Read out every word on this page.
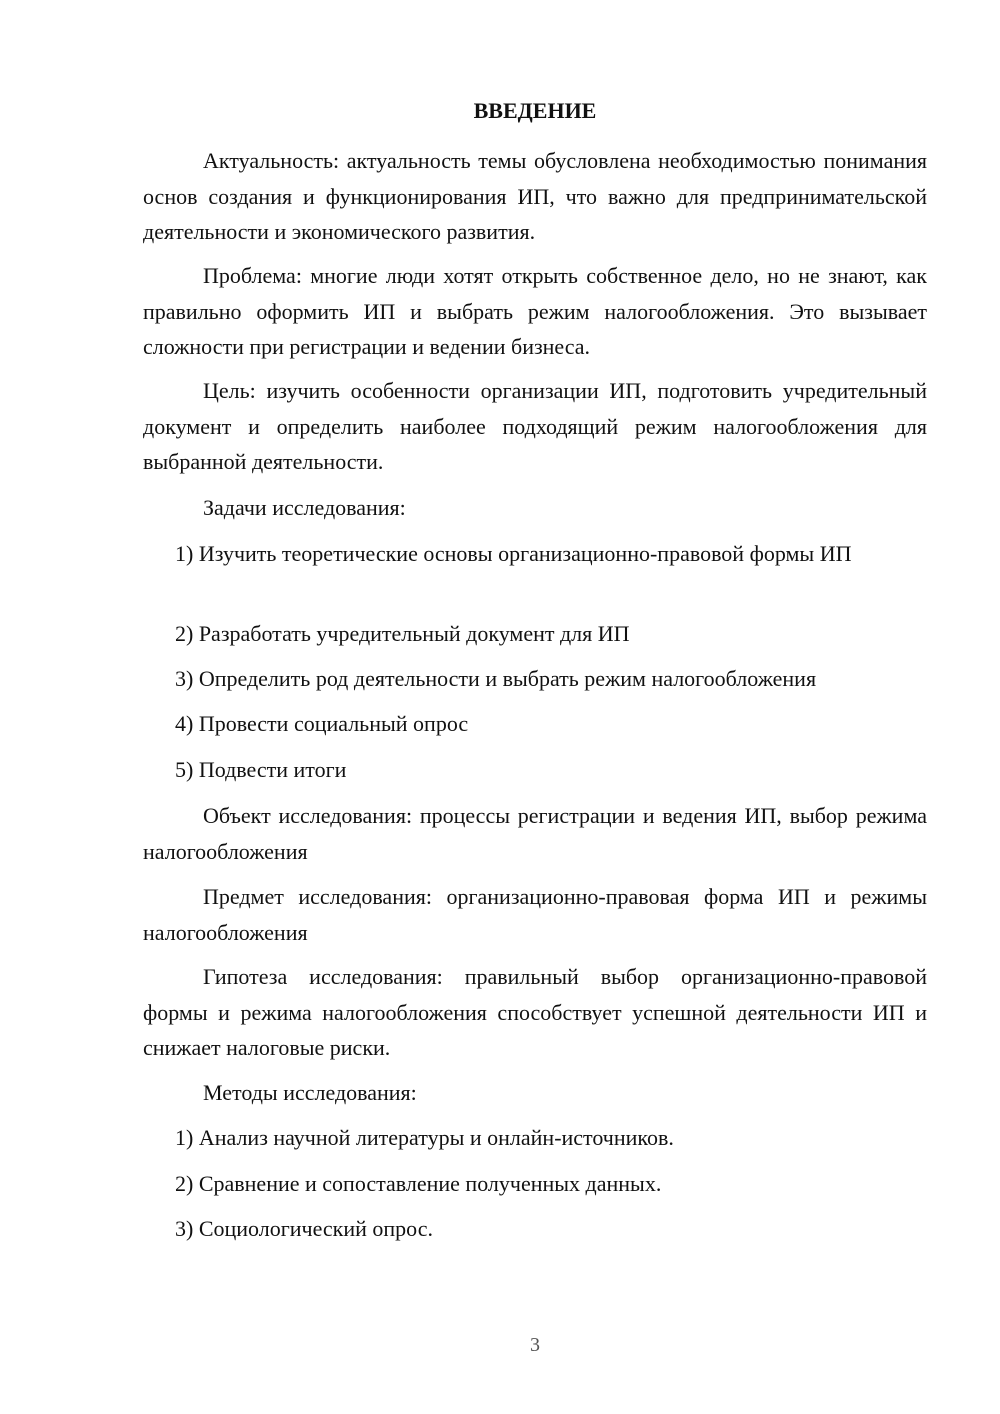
ВВЕДЕНИЕ

Актуальность: актуальность темы обусловлена необходимостью понимания основ создания и функционирования ИП, что важно для предпринимательской деятельности и экономического развития.

Проблема: многие люди хотят открыть собственное дело, но не знают, как правильно оформить ИП и выбрать режим налогообложения. Это вызывает сложности при регистрации и ведении бизнеса.

Цель: изучить особенности организации ИП, подготовить учредительный документ и определить наиболее подходящий режим налогообложения для выбранной деятельности.

Задачи исследования:

1) Изучить теоретические основы организационно-правовой формы ИП

2) Разработать учредительный документ для ИП

3) Определить род деятельности и выбрать режим налогообложения

4) Провести социальный опрос

5) Подвести итоги

Объект исследования: процессы регистрации и ведения ИП, выбор режима налогообложения

Предмет исследования: организационно-правовая форма ИП и режимы налогообложения

Гипотеза исследования: правильный выбор организационно-правовой формы и режима налогообложения способствует успешной деятельности ИП и снижает налоговые риски.

Методы исследования:

1) Анализ научной литературы и онлайн-источников.

2) Сравнение и сопоставление полученных данных.

3) Социологический опрос.

3
